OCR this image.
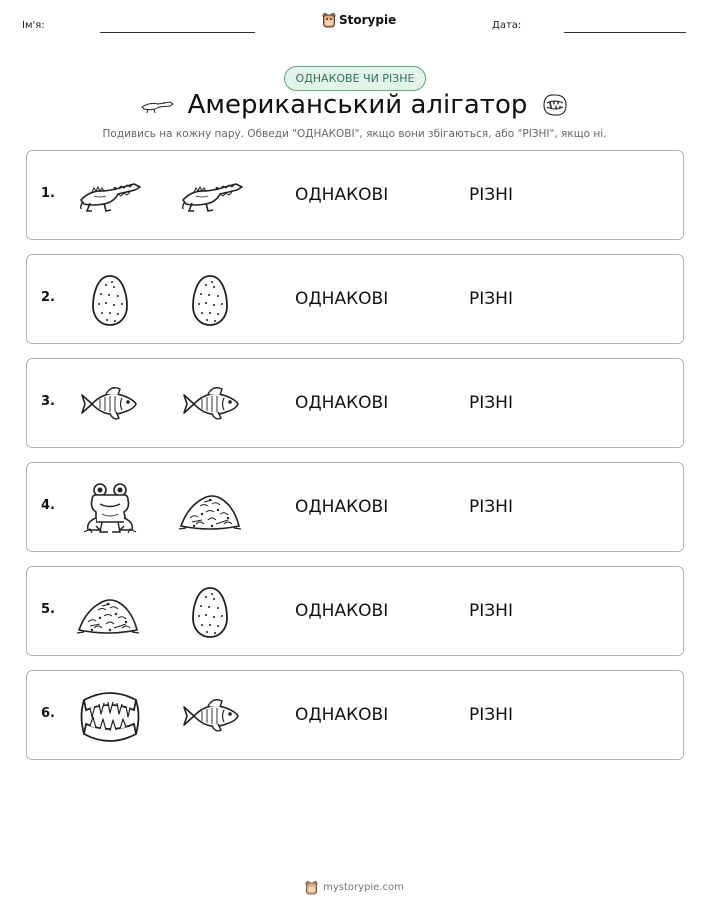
Ім'я:	Storypie	Дата:
ОДНАКОВЕ ЧИ РІЗНЕ
Американський алігатор
Подивись на кожну пару. Обведи "ОДНАКОВІ", якщо вони збігаються, або "РІЗНІ", якщо ні.
1.	ОДНАКОВІ	РІЗНІ
2.	ОДНАКОВІ	РІЗНІ
3.	ОДНАКОВІ	РІЗНІ
4.	ОДНАКОВІ	РІЗНІ
5.	ОДНАКОВІ	РІЗНІ
6.	ОДНАКОВІ	РІЗНІ
mystorypie.com
